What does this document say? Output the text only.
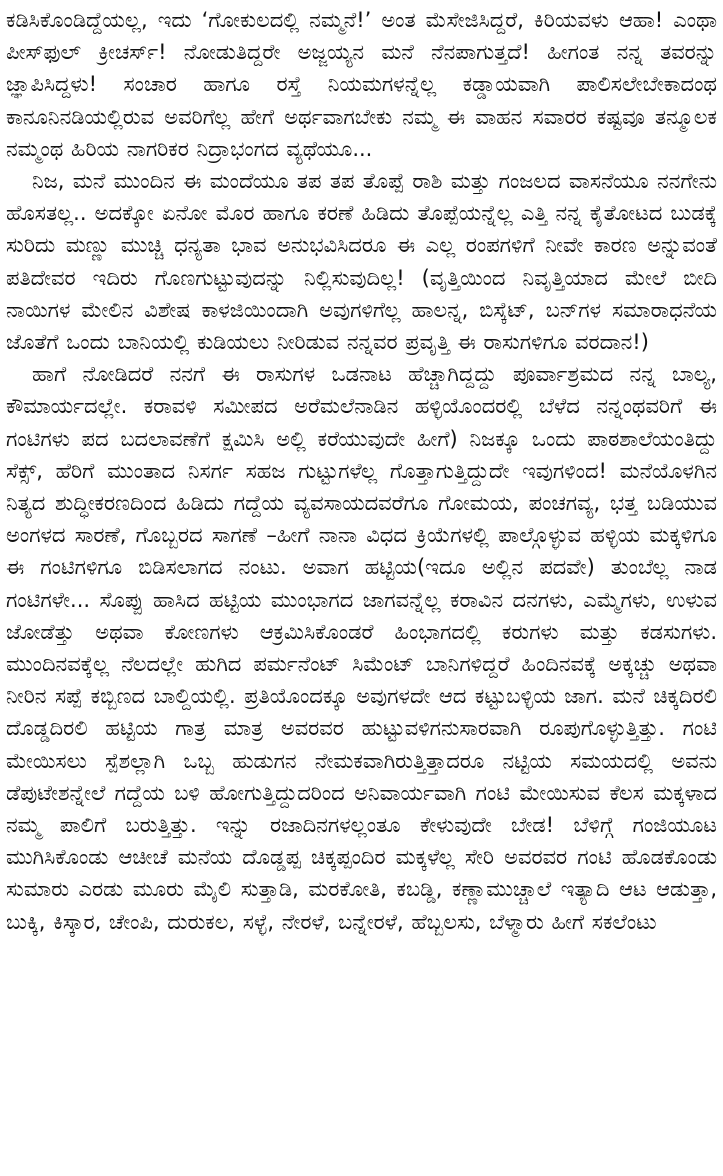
ಕಡಿಸಿಕೊಂಡಿದ್ದೆಯಲ್ಲ, ಇದು ‘ಗೋಕುಲದಲ್ಲಿ ನಮ್ಮನೆ!’ ಅಂತ ಮೆಸೇಜಿಸಿದ್ದರೆ, ಕಿರಿಯವಳು ಆಹಾ! ಎಂಥಾ ಪೀಸ್‌ಫುಲ್ ಕ್ರೀಚರ್ಸ್! ನೋಡುತಿದ್ದರೇ ಅಜ್ಜಯ್ಯನ ಮನೆ ನೆನಪಾಗುತ್ತದೆ! ಹೀಗಂತ ನನ್ನ ತವರನ್ನು ಜ್ಞಾಪಿಸಿದ್ದಳು! ಸಂಚಾರ ಹಾಗೂ ರಸ್ತೆ ನಿಯಮಗಳನ್ನೆಲ್ಲ ಕಡ್ಡಾಯವಾಗಿ ಪಾಲಿಸಲೇಬೇಕಾದಂಥ ಕಾನೂನಿನಡಿಯಲ್ಲಿರುವ ಅವರಿಗೆಲ್ಲ ಹೇಗೆ ಅರ್ಥವಾಗಬೇಕು ನಮ್ಮ ಈ ವಾಹನ ಸವಾರರ ಕಷ್ಟವೂ ತನ್ಮೂಲಕ ನಮ್ಮಂಥ ಹಿರಿಯ ನಾಗರಿಕರ ನಿದ್ರಾಭಂಗದ ವ್ಯಥೆಯೂ...

ನಿಜ, ಮನೆ ಮುಂದಿನ ಈ ಮಂದೆಯೂ ತಪ ತಪ ತೊಪ್ಪೆ ರಾಶಿ ಮತ್ತು ಗಂಜಲದ ವಾಸನೆಯೂ ನನಗೇನು ಹೊಸತಲ್ಲ.. ಅದಕ್ಕೋ ಏನೋ ಮೊರ ಹಾಗೂ ಕರಣೆ ಹಿಡಿದು ತೊಪ್ಪೆಯನ್ನೆಲ್ಲ ಎತ್ತಿ ನನ್ನ ಕೈತೋಟದ ಬುಡಕ್ಕೆ ಸುರಿದು ಮಣ್ಣು ಮುಚ್ಚಿ ಧನ್ಯತಾ ಭಾವ ಅನುಭವಿಸಿದರೂ ಈ ಎಲ್ಲ ರಂಪಗಳಿಗೆ ನೀವೇ ಕಾರಣ ಅನ್ನುವಂತೆ ಪತಿದೇವರ ಇದಿರು ಗೊಣಗುಟ್ಟುವುದನ್ನು ನಿಲ್ಲಿಸುವುದಿಲ್ಲ! (ವೃತ್ತಿಯಿಂದ ನಿವೃತ್ತಿಯಾದ ಮೇಲೆ ಬೀದಿ ನಾಯಿಗಳ ಮೇಲಿನ ವಿಶೇಷ ಕಾಳಜಿಯಿಂದಾಗಿ ಅವುಗಳಿಗೆಲ್ಲ ಹಾಲನ್ನ, ಬಿಸ್ಕೆಟ್, ಬನ್‌ಗಳ ಸಮಾರಾಧನೆಯ ಜೊತೆಗೆ ಒಂದು ಬಾನಿಯಲ್ಲಿ ಕುಡಿಯಲು ನೀರಿಡುವ ನನ್ನವರ ಪ್ರವೃತ್ತಿ ಈ ರಾಸುಗಳಿಗೂ ವರದಾನ!)

ಹಾಗೆ ನೋಡಿದರೆ ನನಗೆ ಈ ರಾಸುಗಳ ಒಡನಾಟ ಹೆಚ್ಚಾಗಿದ್ದದ್ದು ಪೂರ್ವಾಶ್ರಮದ ನನ್ನ ಬಾಲ್ಯ, ಕೌಮಾರ್ಯದಲ್ಲೇ. ಕರಾವಳಿ ಸಮೀಪದ ಅರೆಮಲೆನಾಡಿನ ಹಳ್ಳಿಯೊಂದರಲ್ಲಿ ಬೆಳೆದ ನನ್ನಂಥವರಿಗೆ ಈ ಗಂಟಿಗಳು ಪದ ಬದಲಾವಣೆಗೆ ಕ್ಷಮಿಸಿ ಅಲ್ಲಿ ಕರೆಯುವುದೇ ಹೀಗೆ) ನಿಜಕ್ಕೂ ಒಂದು ಪಾಠಶಾಲೆಯಂತಿದ್ದು ಸೆಕ್ಸ್, ಹೆರಿಗೆ ಮುಂತಾದ ನಿಸರ್ಗ ಸಹಜ ಗುಟ್ಟುಗಳೆಲ್ಲ ಗೊತ್ತಾಗುತ್ತಿದ್ದುದೇ ಇವುಗಳಿಂದ! ಮನೆಯೊಳಗಿನ ನಿತ್ಯದ ಶುದ್ಧೀಕರಣದಿಂದ ಹಿಡಿದು ಗದ್ದೆಯ ವ್ಯವಸಾಯದವರೆಗೂ ಗೋಮಯ, ಪಂಚಗವ್ಯ, ಭತ್ತ ಬಡಿಯುವ ಅಂಗಳದ ಸಾರಣೆ, ಗೊಬ್ಬರದ ಸಾಗಣೆ –ಹೀಗೆ ನಾನಾ ವಿಧದ ಕ್ರಿಯೆಗಳಲ್ಲಿ ಪಾಲ್ಗೊಳ್ಳುವ ಹಳ್ಳಿಯ ಮಕ್ಕಳಿಗೂ ಈ ಗಂಟಿಗಳಿಗೂ ಬಿಡಿಸಲಾಗದ ನಂಟು. ಅವಾಗ ಹಟ್ಟಿಯ(ಇದೂ ಅಲ್ಲಿನ ಪದವೇ) ತುಂಬೆಲ್ಲ ನಾಡ ಗಂಟಿಗಳೇ... ಸೊಪ್ಪು ಹಾಸಿದ ಹಟ್ಟಿಯ ಮುಂಭಾಗದ ಜಾಗವನ್ನೆಲ್ಲ ಕರಾವಿನ ದನಗಳು, ಎಮ್ಮೆಗಳು, ಉಳುವ ಜೋಡೆತ್ತು ಅಥವಾ ಕೋಣಗಳು ಆಕ್ರಮಿಸಿಕೊಂಡರೆ ಹಿಂಭಾಗದಲ್ಲಿ ಕರುಗಳು ಮತ್ತು ಕಡಸುಗಳು. ಮುಂದಿನವಕ್ಕೆಲ್ಲ ನೆಲದಲ್ಲೇ ಹುಗಿದ ಪರ್ಮನೆಂಟ್ ಸಿಮೆಂಟ್ ಬಾನಿಗಳಿದ್ದರೆ ಹಿಂದಿನವಕ್ಕೆ ಅಕ್ಕಚ್ಚು ಅಥವಾ ನೀರಿನ ಸಪ್ಪೆ ಕಬ್ಬಿಣದ ಬಾಲ್ದಿಯಲ್ಲಿ. ಪ್ರತಿಯೊಂದಕ್ಕೂ ಅವುಗಳದೇ ಆದ ಕಟ್ಟುಬಳ್ಳಿಯ ಜಾಗ. ಮನೆ ಚಿಕ್ಕದಿರಲಿ ದೊಡ್ಡದಿರಲಿ ಹಟ್ಟಿಯ ಗಾತ್ರ ಮಾತ್ರ ಅವರವರ ಹುಟ್ಟುವಳಿಗನುಸಾರವಾಗಿ ರೂಪುಗೊಳ್ಳುತ್ತಿತ್ತು. ಗಂಟಿ ಮೇಯಿಸಲು ಸ್ಪೆಶಲ್ಲಾಗಿ ಒಬ್ಬ ಹುಡುಗನ ನೇಮಕವಾಗಿರುತ್ತಿತ್ತಾದರೂ ನಟ್ಟಿಯ ಸಮಯದಲ್ಲಿ ಅವನು ಡೆಪುಟೇಶನ್ನೇಲೆ ಗದ್ದೆಯ ಬಳಿ ಹೋಗುತ್ತಿದ್ದುದರಿಂದ ಅನಿವಾರ್ಯವಾಗಿ ಗಂಟಿ ಮೇಯಿಸುವ ಕೆಲಸ ಮಕ್ಕಳಾದ ನಮ್ಮ ಪಾಲಿಗೆ ಬರುತ್ತಿತ್ತು. ಇನ್ನು ರಜಾದಿನಗಳಲ್ಲಂತೂ ಕೇಳುವುದೇ ಬೇಡ! ಬೆಳಿಗ್ಗೆ ಗಂಜಿಯೂಟ ಮುಗಿಸಿಕೊಂಡು ಆಚೀಚೆ ಮನೆಯ ದೊಡ್ಡಪ್ಪ ಚಿಕ್ಕಪ್ಪಂದಿರ ಮಕ್ಕಳೆಲ್ಲ ಸೇರಿ ಅವರವರ ಗಂಟಿ ಹೊಡಕೊಂಡು ಸುಮಾರು ಎರಡು ಮೂರು ಮೈಲಿ ಸುತ್ತಾಡಿ, ಮರಕೋತಿ, ಕಬಡ್ಡಿ, ಕಣ್ಣಾಮುಚ್ಚಾಲೆ ಇತ್ಯಾದಿ ಆಟ ಆಡುತ್ತಾ, ಬುಕ್ಕಿ, ಕಿಸ್ಕಾರ, ಚೇಂಪಿ, ದುರುಕಲ, ಸಳ್ಳೆ, ನೇರಳೆ, ಬನ್ನೇರಳೆ, ಹೆಬ್ಬಲಸು, ಬೆಳ್ಮಾರು ಹೀಗೆ ಸಕಲೆಂಟು
